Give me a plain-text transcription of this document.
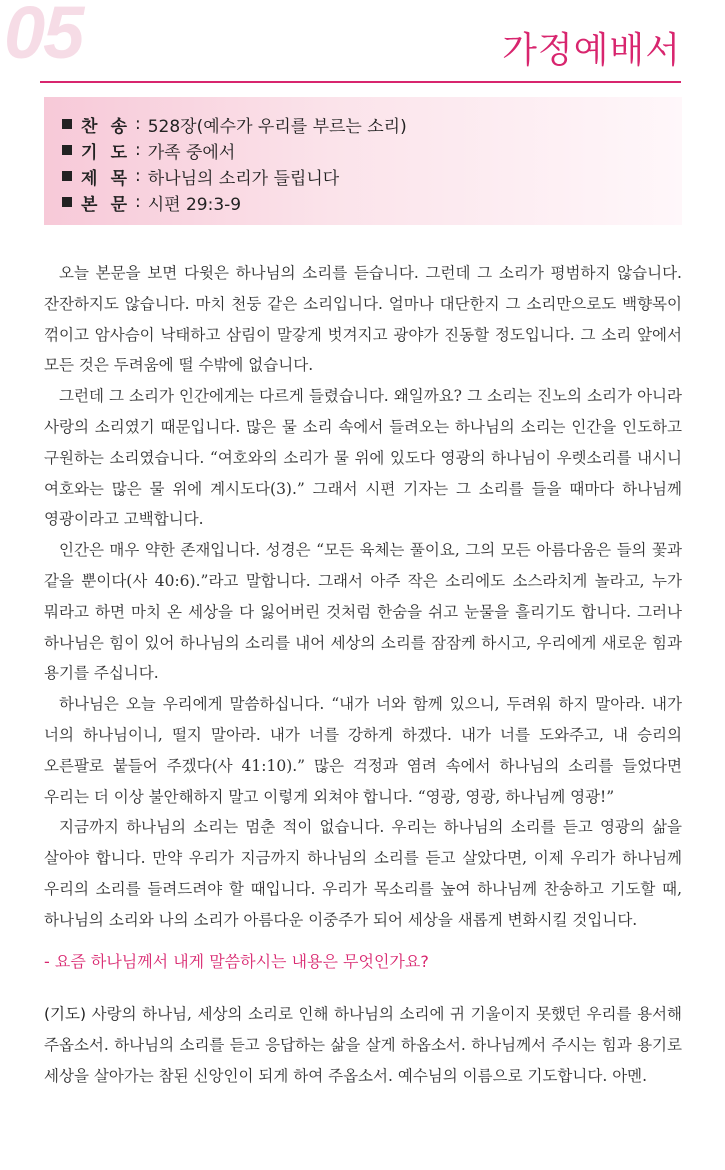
05	가정예배서
찬 송 : 528장(예수가 우리를 부르는 소리)
기 도 : 가족 중에서
제 목 : 하나님의 소리가 들립니다
본 문 : 시편 29:3-9

오늘 본문을 보면 다윗은 하나님의 소리를 듣습니다. 그런데 그 소리가 평범하지 않습니다. 잔잔하지도 않습니다. 마치 천둥 같은 소리입니다. 얼마나 대단한지 그 소리만으로도 백향목이 꺾이고 암사슴이 낙태하고 삼림이 말갛게 벗겨지고 광야가 진동할 정도입니다. 그 소리 앞에서 모든 것은 두려움에 떨 수밖에 없습니다.

그런데 그 소리가 인간에게는 다르게 들렸습니다. 왜일까요? 그 소리는 진노의 소리가 아니라 사랑의 소리였기 때문입니다. 많은 물 소리 속에서 들려오는 하나님의 소리는 인간을 인도하고 구원하는 소리였습니다. “여호와의 소리가 물 위에 있도다 영광의 하나님이 우렛소리를 내시니 여호와는 많은 물 위에 계시도다(3).” 그래서 시편 기자는 그 소리를 들을 때마다 하나님께 영광이라고 고백합니다.

인간은 매우 약한 존재입니다. 성경은 “모든 육체는 풀이요, 그의 모든 아름다움은 들의 꽃과 같을 뿐이다(사 40:6).”라고 말합니다. 그래서 아주 작은 소리에도 소스라치게 놀라고, 누가 뭐라고 하면 마치 온 세상을 다 잃어버린 것처럼 한숨을 쉬고 눈물을 흘리기도 합니다. 그러나 하나님은 힘이 있어 하나님의 소리를 내어 세상의 소리를 잠잠케 하시고, 우리에게 새로운 힘과 용기를 주십니다.

하나님은 오늘 우리에게 말씀하십니다. “내가 너와 함께 있으니, 두려워 하지 말아라. 내가 너의 하나님이니, 떨지 말아라. 내가 너를 강하게 하겠다. 내가 너를 도와주고, 내 승리의 오른팔로 붙들어 주겠다(사 41:10).” 많은 걱정과 염려 속에서 하나님의 소리를 들었다면 우리는 더 이상 불안해하지 말고 이렇게 외쳐야 합니다. “영광, 영광, 하나님께 영광!”

지금까지 하나님의 소리는 멈춘 적이 없습니다. 우리는 하나님의 소리를 듣고 영광의 삶을 살아야 합니다. 만약 우리가 지금까지 하나님의 소리를 듣고 살았다면, 이제 우리가 하나님께 우리의 소리를 들려드려야 할 때입니다. 우리가 목소리를 높여 하나님께 찬송하고 기도할 때, 하나님의 소리와 나의 소리가 아름다운 이중주가 되어 세상을 새롭게 변화시킬 것입니다.

- 요즘 하나님께서 내게 말씀하시는 내용은 무엇인가요?

(기도) 사랑의 하나님, 세상의 소리로 인해 하나님의 소리에 귀 기울이지 못했던 우리를 용서해 주옵소서. 하나님의 소리를 듣고 응답하는 삶을 살게 하옵소서. 하나님께서 주시는 힘과 용기로 세상을 살아가는 참된 신앙인이 되게 하여 주옵소서. 예수님의 이름으로 기도합니다. 아멘.
